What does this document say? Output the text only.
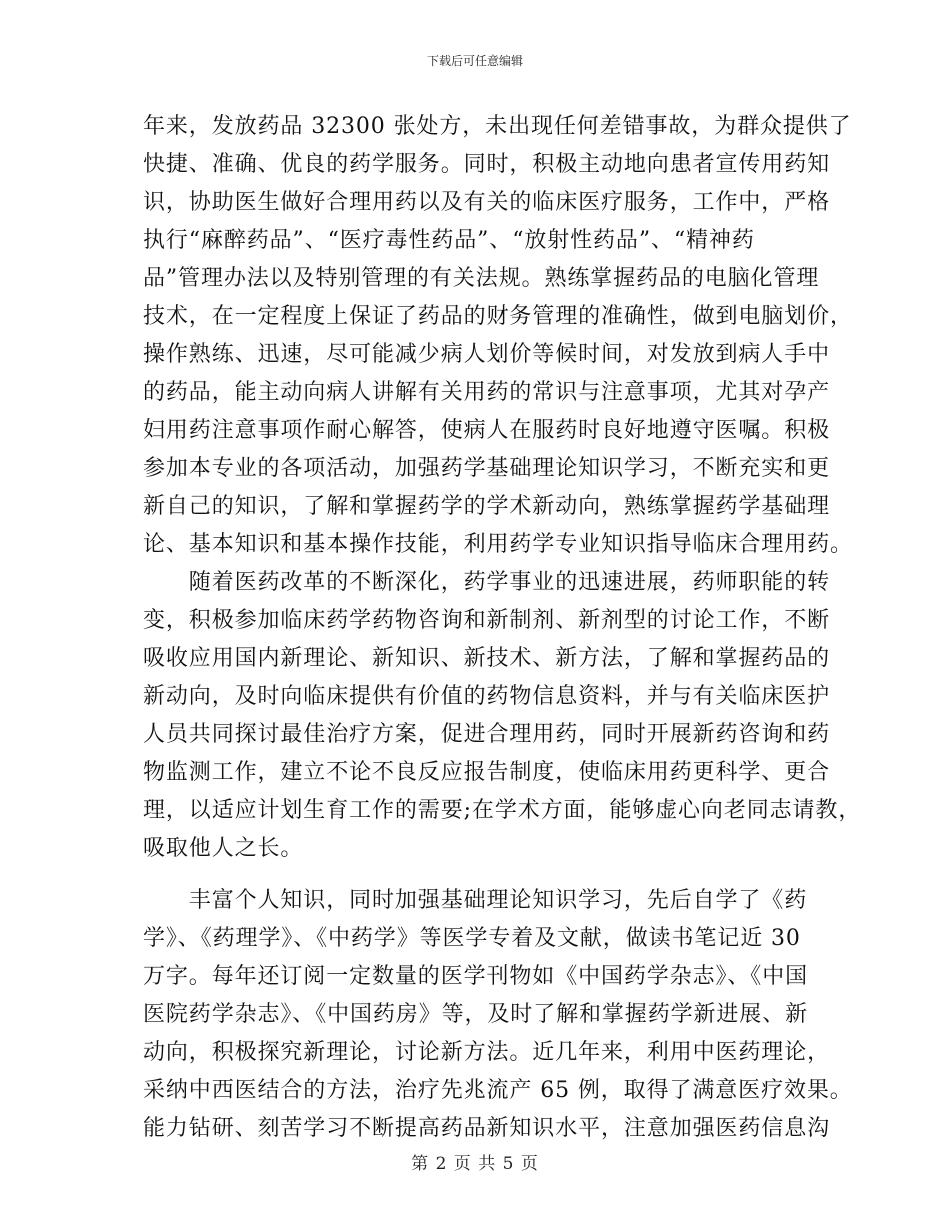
下载后可任意编辑
年来，发放药品 32300 张处方，未出现任何差错事故，为群众提供了
快捷、准确、优良的药学服务。同时，积极主动地向患者宣传用药知
识，协助医生做好合理用药以及有关的临床医疗服务，工作中，严格
执行“麻醉药品”、“医疗毒性药品”、“放射性药品”、“精神药
品”管理办法以及特别管理的有关法规。熟练掌握药品的电脑化管理
技术，在一定程度上保证了药品的财务管理的准确性，做到电脑划价，
操作熟练、迅速，尽可能减少病人划价等候时间，对发放到病人手中
的药品，能主动向病人讲解有关用药的常识与注意事项，尤其对孕产
妇用药注意事项作耐心解答，使病人在服药时良好地遵守医嘱。积极
参加本专业的各项活动，加强药学基础理论知识学习，不断充实和更
新自己的知识，了解和掌握药学的学术新动向，熟练掌握药学基础理
论、基本知识和基本操作技能，利用药学专业知识指导临床合理用药。
　　随着医药改革的不断深化，药学事业的迅速进展，药师职能的转
变，积极参加临床药学药物咨询和新制剂、新剂型的讨论工作，不断
吸收应用国内新理论、新知识、新技术、新方法，了解和掌握药品的
新动向，及时向临床提供有价值的药物信息资料，并与有关临床医护
人员共同探讨最佳治疗方案，促进合理用药，同时开展新药咨询和药
物监测工作，建立不论不良反应报告制度，使临床用药更科学、更合
理，以适应计划生育工作的需要;在学术方面，能够虚心向老同志请教，
吸取他人之长。
　　丰富个人知识，同时加强基础理论知识学习，先后自学了《药
学》、《药理学》、《中药学》等医学专着及文献，做读书笔记近 30
万字。每年还订阅一定数量的医学刊物如《中国药学杂志》、《中国
医院药学杂志》、《中国药房》等，及时了解和掌握药学新进展、新
动向，积极探究新理论，讨论新方法。近几年来，利用中医药理论，
采纳中西医结合的方法，治疗先兆流产 65 例，取得了满意医疗效果。
能力钻研、刻苦学习不断提高药品新知识水平，注意加强医药信息沟
第 2 页 共 5 页
